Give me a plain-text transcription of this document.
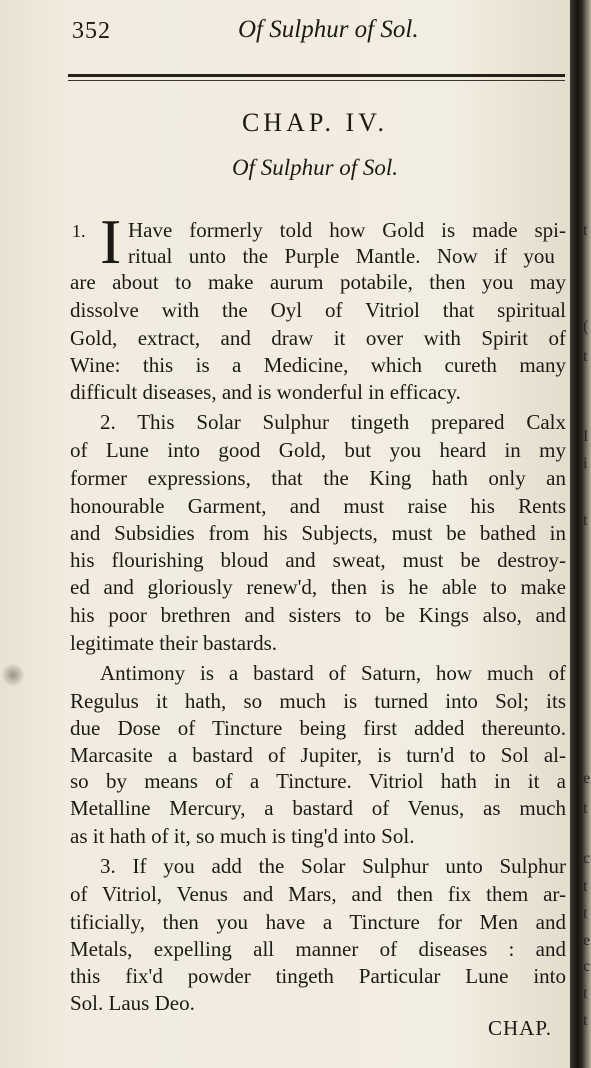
t
(
t
I
i
t
e
t
c
t
t
e
c
t
t
352	Of Sulphur of Sol.
CHAP. IV.
Of Sulphur of Sol.
1. I Have formerly told how Gold is made spi-
ritual unto the Purple Mantle. Now if you
are about to make aurum potabile, then you may
dissolve with the Oyl of Vitriol that spiritual
Gold, extract, and draw it over with Spirit of
Wine: this is a Medicine, which cureth many
difficult diseases, and is wonderful in efficacy.
2. This Solar Sulphur tingeth prepared Calx
of Lune into good Gold, but you heard in my
former expressions, that the King hath only an
honourable Garment, and must raise his Rents
and Subsidies from his Subjects, must be bathed in
his flourishing bloud and sweat, must be destroy-
ed and gloriously renew'd, then is he able to make
his poor brethren and sisters to be Kings also, and
legitimate their bastards.
Antimony is a bastard of Saturn, how much of
Regulus it hath, so much is turned into Sol; its
due Dose of Tincture being first added thereunto.
Marcasite a bastard of Jupiter, is turn'd to Sol al-
so by means of a Tincture. Vitriol hath in it a
Metalline Mercury, a bastard of Venus, as much
as it hath of it, so much is ting'd into Sol.
3. If you add the Solar Sulphur unto Sulphur
of Vitriol, Venus and Mars, and then fix them ar-
tificially, then you have a Tincture for Men and
Metals, expelling all manner of diseases : and
this fix'd powder tingeth Particular Lune into
Sol. Laus Deo.
CHAP.
